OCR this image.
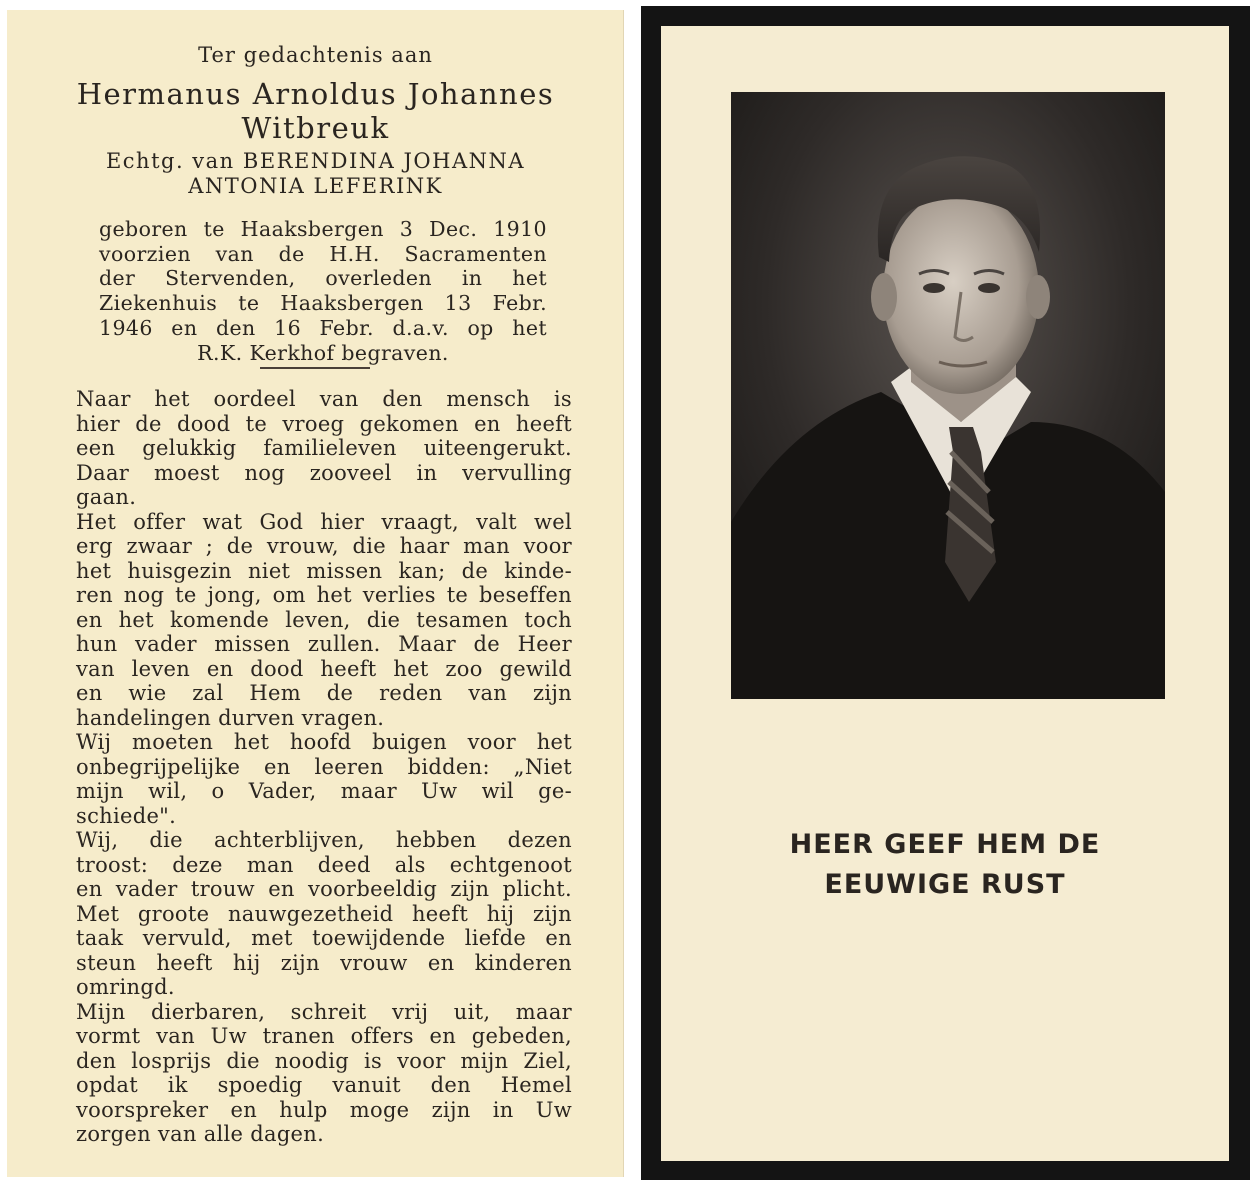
Ter gedachtenis aan

Hermanus Arnoldus Johannes

Witbreuk

Echtg. van BERENDINA JOHANNA

ANTONIA LEFERINK

geboren te Haaksbergen 3 Dec. 1910
voorzien van de H.H. Sacramenten
der Stervenden, overleden in het
Ziekenhuis te Haaksbergen 13 Febr.
1946 en den 16 Febr. d.a.v. op het
R.K. Kerkhof begraven.
Naar het oordeel van den mensch is
hier de dood te vroeg gekomen en heeft
een gelukkig familieleven uiteengerukt.
Daar moest nog zooveel in vervulling
gaan.
Het offer wat God hier vraagt, valt wel
erg zwaar ; de vrouw, die haar man voor
het huisgezin niet missen kan; de kinde-
ren nog te jong, om het verlies te beseffen
en het komende leven, die tesamen toch
hun vader missen zullen. Maar de Heer
van leven en dood heeft het zoo gewild
en wie zal Hem de reden van zijn
handelingen durven vragen.
Wij moeten het hoofd buigen voor het
onbegrijpelijke en leeren bidden: „Niet
mijn wil, o Vader, maar Uw wil ge-
schiede".
Wij, die achterblijven, hebben dezen
troost: deze man deed als echtgenoot
en vader trouw en voorbeeldig zijn plicht.
Met groote nauwgezetheid heeft hij zijn
taak vervuld, met toewijdende liefde en
steun heeft hij zijn vrouw en kinderen
omringd.
Mijn dierbaren, schreit vrij uit, maar
vormt van Uw tranen offers en gebeden,
den losprijs die noodig is voor mijn Ziel,
opdat ik spoedig vanuit den Hemel
voorspreker en hulp moge zijn in Uw
zorgen van alle dagen.

HEER GEEF HEM DE

EEUWIGE RUST
